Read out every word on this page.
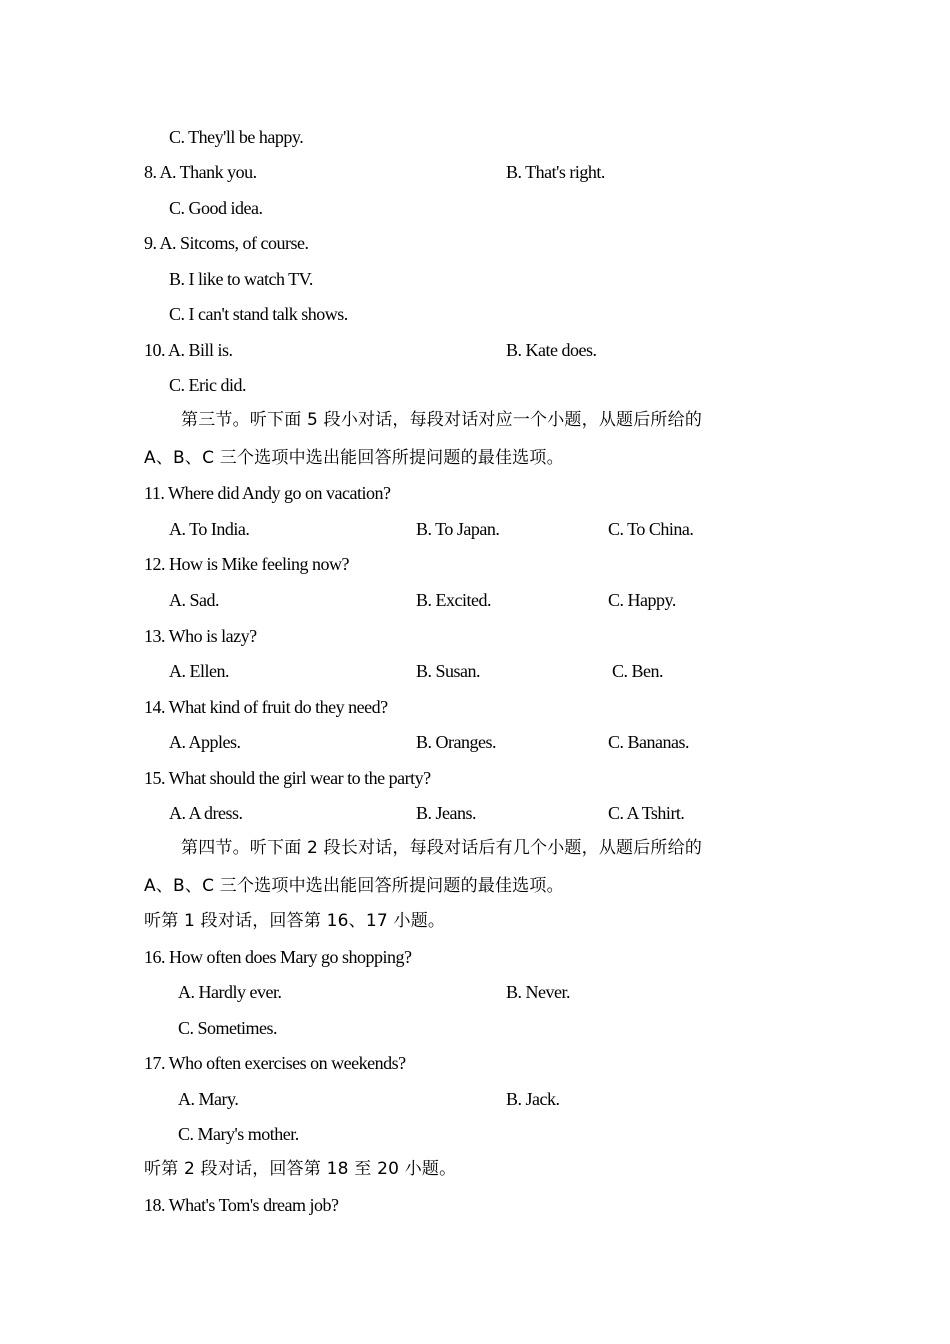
C. They'll be happy.
8. A. Thank you.	B. That's right.
C. Good idea.
9. A. Sitcoms, of course.
B. I like to watch TV.
C. I can't stand talk shows.
10. A. Bill is.	B. Kate does.
C. Eric did.
第三节。听下面 5 段小对话，每段对话对应一个小题，从题后所给的
A、B、C 三个选项中选出能回答所提问题的最佳选项。
11. Where did Andy go on vacation?
A. To India.	B. To Japan.	C. To China.
12. How is Mike feeling now?
A. Sad.	B. Excited.	C. Happy.
13. Who is lazy?
A. Ellen.	B. Susan.	C. Ben.
14. What kind of fruit do they need?
A. Apples.	B. Oranges.	C. Bananas.
15. What should the girl wear to the party?
A. A dress.	B. Jeans.	C. A Tshirt.
第四节。听下面 2 段长对话，每段对话后有几个小题，从题后所给的
A、B、C 三个选项中选出能回答所提问题的最佳选项。
听第 1 段对话，回答第 16、17 小题。
16. How often does Mary go shopping?
A. Hardly ever.	B. Never.
C. Sometimes.
17. Who often exercises on weekends?
A. Mary.	B. Jack.
C. Mary's mother.
听第 2 段对话，回答第 18 至 20 小题。
18. What's Tom's dream job?
